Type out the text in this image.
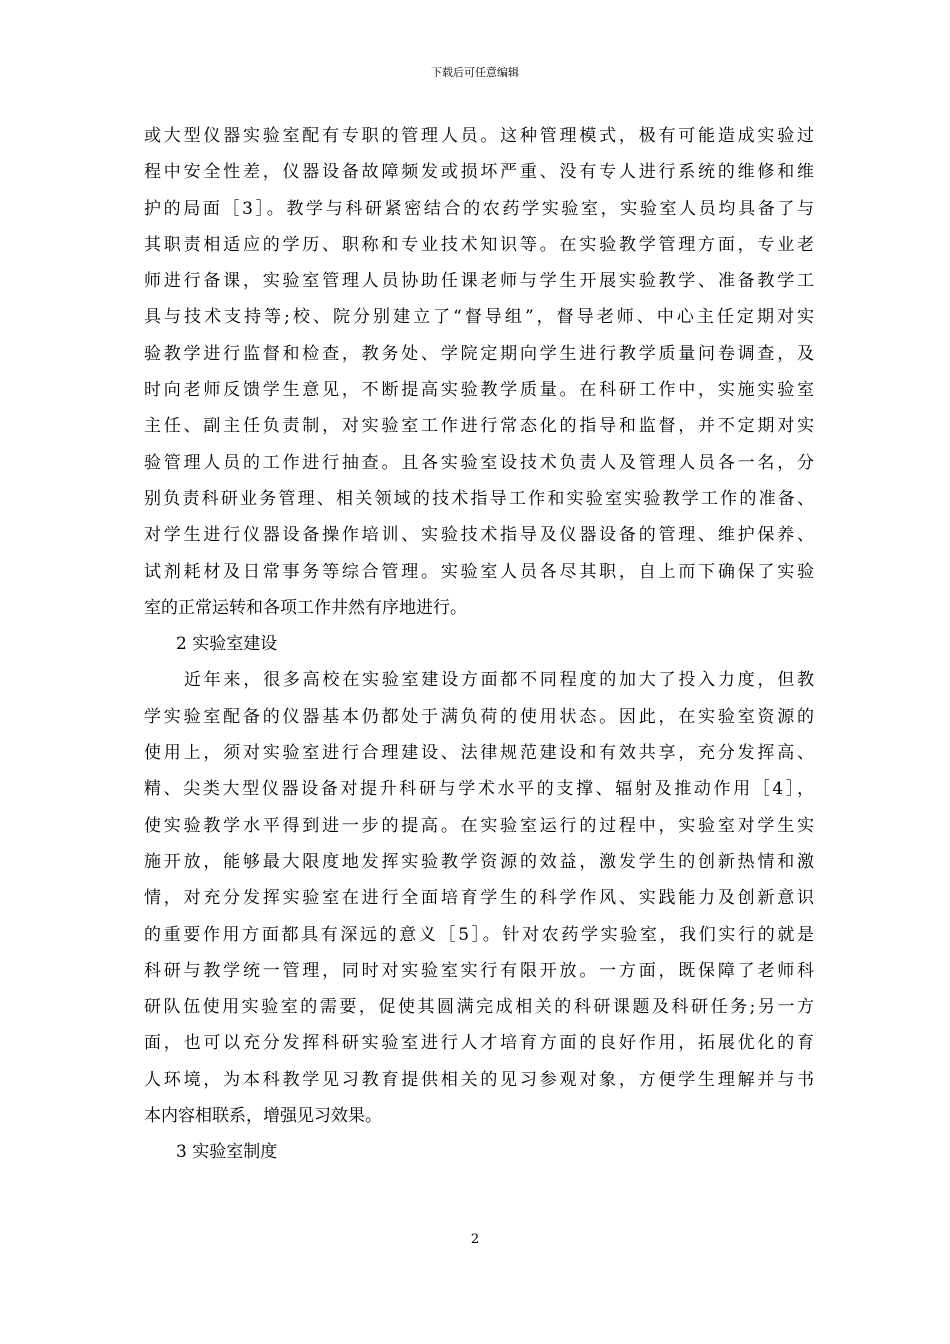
下载后可任意编辑
或大型仪器实验室配有专职的管理人员。这种管理模式，极有可能造成实验过
程中安全性差，仪器设备故障频发或损坏严重、没有专人进行系统的维修和维
护的局面［3］。教学与科研紧密结合的农药学实验室，实验室人员均具备了与
其职责相适应的学历、职称和专业技术知识等。在实验教学管理方面，专业老
师进行备课，实验室管理人员协助任课老师与学生开展实验教学、准备教学工
具与技术支持等;校、院分别建立了“督导组”，督导老师、中心主任定期对实
验教学进行监督和检查，教务处、学院定期向学生进行教学质量问卷调查，及
时向老师反馈学生意见，不断提高实验教学质量。在科研工作中，实施实验室
主任、副主任负责制，对实验室工作进行常态化的指导和监督，并不定期对实
验管理人员的工作进行抽查。且各实验室设技术负责人及管理人员各一名，分
别负责科研业务管理、相关领域的技术指导工作和实验室实验教学工作的准备、
对学生进行仪器设备操作培训、实验技术指导及仪器设备的管理、维护保养、
试剂耗材及日常事务等综合管理。实验室人员各尽其职，自上而下确保了实验
室的正常运转和各项工作井然有序地进行。
2 实验室建设
近年来，很多高校在实验室建设方面都不同程度的加大了投入力度，但教
学实验室配备的仪器基本仍都处于满负荷的使用状态。因此，在实验室资源的
使用上，须对实验室进行合理建设、法律规范建设和有效共享，充分发挥高、
精、尖类大型仪器设备对提升科研与学术水平的支撑、辐射及推动作用［4］，
使实验教学水平得到进一步的提高。在实验室运行的过程中，实验室对学生实
施开放，能够最大限度地发挥实验教学资源的效益，激发学生的创新热情和激
情，对充分发挥实验室在进行全面培育学生的科学作风、实践能力及创新意识
的重要作用方面都具有深远的意义［5］。针对农药学实验室，我们实行的就是
科研与教学统一管理，同时对实验室实行有限开放。一方面，既保障了老师科
研队伍使用实验室的需要，促使其圆满完成相关的科研课题及科研任务;另一方
面，也可以充分发挥科研实验室进行人才培育方面的良好作用，拓展优化的育
人环境，为本科教学见习教育提供相关的见习参观对象，方便学生理解并与书
本内容相联系，增强见习效果。
3 实验室制度
2
